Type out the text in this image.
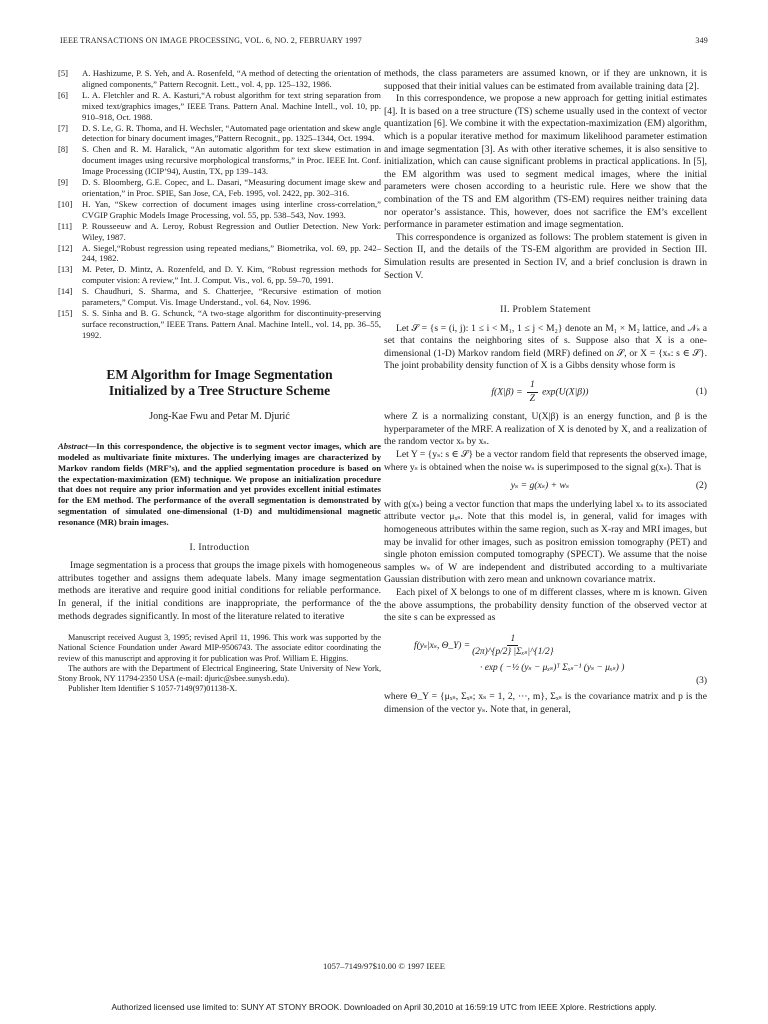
IEEE TRANSACTIONS ON IMAGE PROCESSING, VOL. 6, NO. 2, FEBRUARY 1997	349
[5] A. Hashizume, P. S. Yeh, and A. Rosenfeld, “A method of detecting the orientation of aligned components,” Pattern Recognit. Lett., vol. 4, pp. 125–132, 1986.
[6] L. A. Fletchler and R. A. Kasturi,“A robust algorithm for text string separation from mixed text/graphics images,” IEEE Trans. Pattern Anal. Machine Intell., vol. 10, pp. 910–918, Oct. 1988.
[7] D. S. Le, G. R. Thoma, and H. Wechsler, “Automated page orientation and skew angle detection for binary document images,”Pattern Recognit., pp. 1325–1344, Oct. 1994.
[8] S. Chen and R. M. Haralick, “An automatic algorithm for text skew estimation in document images using recursive morphological transforms,” in Proc. IEEE Int. Conf. Image Processing (ICIP’94), Austin, TX, pp 139–143.
[9] D. S. Bloomberg, G.E. Copec, and L. Dasari, “Measuring document image skew and orientation,” in Proc. SPIE, San Jose, CA, Feb. 1995, vol. 2422, pp. 302–316.
[10] H. Yan, “Skew correction of document images using interline cross-correlation,” CVGIP Graphic Models Image Processing, vol. 55, pp. 538–543, Nov. 1993.
[11] P. Rousseeuw and A. Leroy, Robust Regression and Outlier Detection. New York: Wiley, 1987.
[12] A. Siegel,“Robust regression using repeated medians,” Biometrika, vol. 69, pp. 242–244, 1982.
[13] M. Peter, D. Mintz, A. Rozenfeld, and D. Y. Kim, “Robust regression methods for computer vision: A review,” Int. J. Comput. Vis., vol. 6, pp. 59–70, 1991.
[14] S. Chaudhuri, S. Sharma, and S. Chatterjee, “Recursive estimation of motion parameters,” Comput. Vis. Image Understand., vol. 64, Nov. 1996.
[15] S. S. Sinha and B. G. Schunck, “A two-stage algorithm for discontinuity-preserving surface reconstruction,” IEEE Trans. Pattern Anal. Machine Intell., vol. 14, pp. 36–55, 1992.
EM Algorithm for Image Segmentation
Initialized by a Tree Structure Scheme
Jong-Kae Fwu and Petar M. Djurić
Abstract—In this correspondence, the objective is to segment vector images, which are modeled as multivariate finite mixtures. The underlying images are characterized by Markov random fields (MRF’s), and the applied segmentation procedure is based on the expectation-maximization (EM) technique. We propose an initialization procedure that does not require any prior information and yet provides excellent initial estimates for the EM method. The performance of the overall segmentation is demonstrated by segmentation of simulated one-dimensional (1-D) and multidimensional magnetic resonance (MR) brain images.
I. Introduction

Image segmentation is a process that groups the image pixels with homogeneous attributes together and assigns them adequate labels. Many image segmentation methods are iterative and require good initial conditions for reliable performance. In general, if the initial conditions are inappropriate, the performance of the methods degrades significantly. In most of the literature related to iterative

Manuscript received August 3, 1995; revised April 11, 1996. This work was supported by the National Science Foundation under Award MIP-9506743. The associate editor coordinating the review of this manuscript and approving it for publication was Prof. William E. Higgins.

The authors are with the Department of Electrical Engineering, State University of New York, Stony Brook, NY 11794-2350 USA (e-mail: djuric@sbee.sunysb.edu).

Publisher Item Identifier S 1057-7149(97)01138-X.

methods, the class parameters are assumed known, or if they are unknown, it is supposed that their initial values can be estimated from available training data [2].

In this correspondence, we propose a new approach for getting initial estimates [4]. It is based on a tree structure (TS) scheme usually used in the context of vector quantization [6]. We combine it with the expectation-maximization (EM) algorithm, which is a popular iterative method for maximum likelihood parameter estimation and image segmentation [3]. As with other iterative schemes, it is also sensitive to initialization, which can cause significant problems in practical applications. In [5], the EM algorithm was used to segment medical images, where the initial parameters were chosen according to a heuristic rule. Here we show that the combination of the TS and EM algorithm (TS-EM) requires neither training data nor operator’s assistance. This, however, does not sacrifice the EM’s excellent performance in parameter estimation and image segmentation.

This correspondence is organized as follows: The problem statement is given in Section II, and the details of the TS-EM algorithm are provided in Section III. Simulation results are presented in Section IV, and a brief conclusion is drawn in Section V.

II. Problem Statement

Let 𝒮 = {s = (i, j): 1 ≤ i < M₁, 1 ≤ j < M₂} denote an M₁ × M₂ lattice, and 𝒩ₛ a set that contains the neighboring sites of s. Suppose also that X is a one-dimensional (1-D) Markov random field (MRF) defined on 𝒮, or X = {xₛ: s ∈ 𝒮}. The joint probability density function of X is a Gibbs density whose form is

$f(X|\beta) = \frac{1}{Z} \exp(U(X|\beta))$	(1)

where Z is a normalizing constant, U(X|β) is an energy function, and β is the hyperparameter of the MRF. A realization of X is denoted by X, and a realization of the random vector xₛ by xₛ.

Let Y = {yₛ: s ∈ 𝒮} be a vector random field that represents the observed image, where yₛ is obtained when the noise wₛ is superimposed to the signal g(xₛ). That is

yₛ = g(xₛ) + wₛ	(2)

with g(xₛ) being a vector function that maps the underlying label xₛ to its associated attribute vector μₓₛ. Note that this model is, in general, valid for images with homogeneous attributes within the same region, such as X-ray and MRI images, but may be invalid for other images, such as positron emission tomography (PET) and single photon emission computed tomography (SPECT). We assume that the noise samples wₛ of W are independent and distributed according to a multivariate Gaussian distribution with zero mean and unknown covariance matrix.

Each pixel of X belongs to one of m different classes, where m is known. Given the above assumptions, the probability density function of the observed vector at the site s can be expressed as

f(yₛ|xₛ, Θ_Y) = $\frac{1}{\text{(2π)\textasciicircum{}\{p/2\} |Σₓₛ|\textasciicircum{}\{1/2\}}}$
· exp ( −½ (yₛ − μₓₛ)ᵀ Σₓₛ⁻¹ (yₛ − μₓₛ) )
(3)

where Θ_Y = {μₓₛ, Σₓₛ; xₛ = 1, 2, ···, m}, Σₓₛ is the covariance matrix and p is the dimension of the vector yₛ. Note that, in general,

1057–7149/97$10.00 © 1997 IEEE
Authorized licensed use limited to: SUNY AT STONY BROOK. Downloaded on April 30,2010 at 16:59:19 UTC from IEEE Xplore. Restrictions apply.
